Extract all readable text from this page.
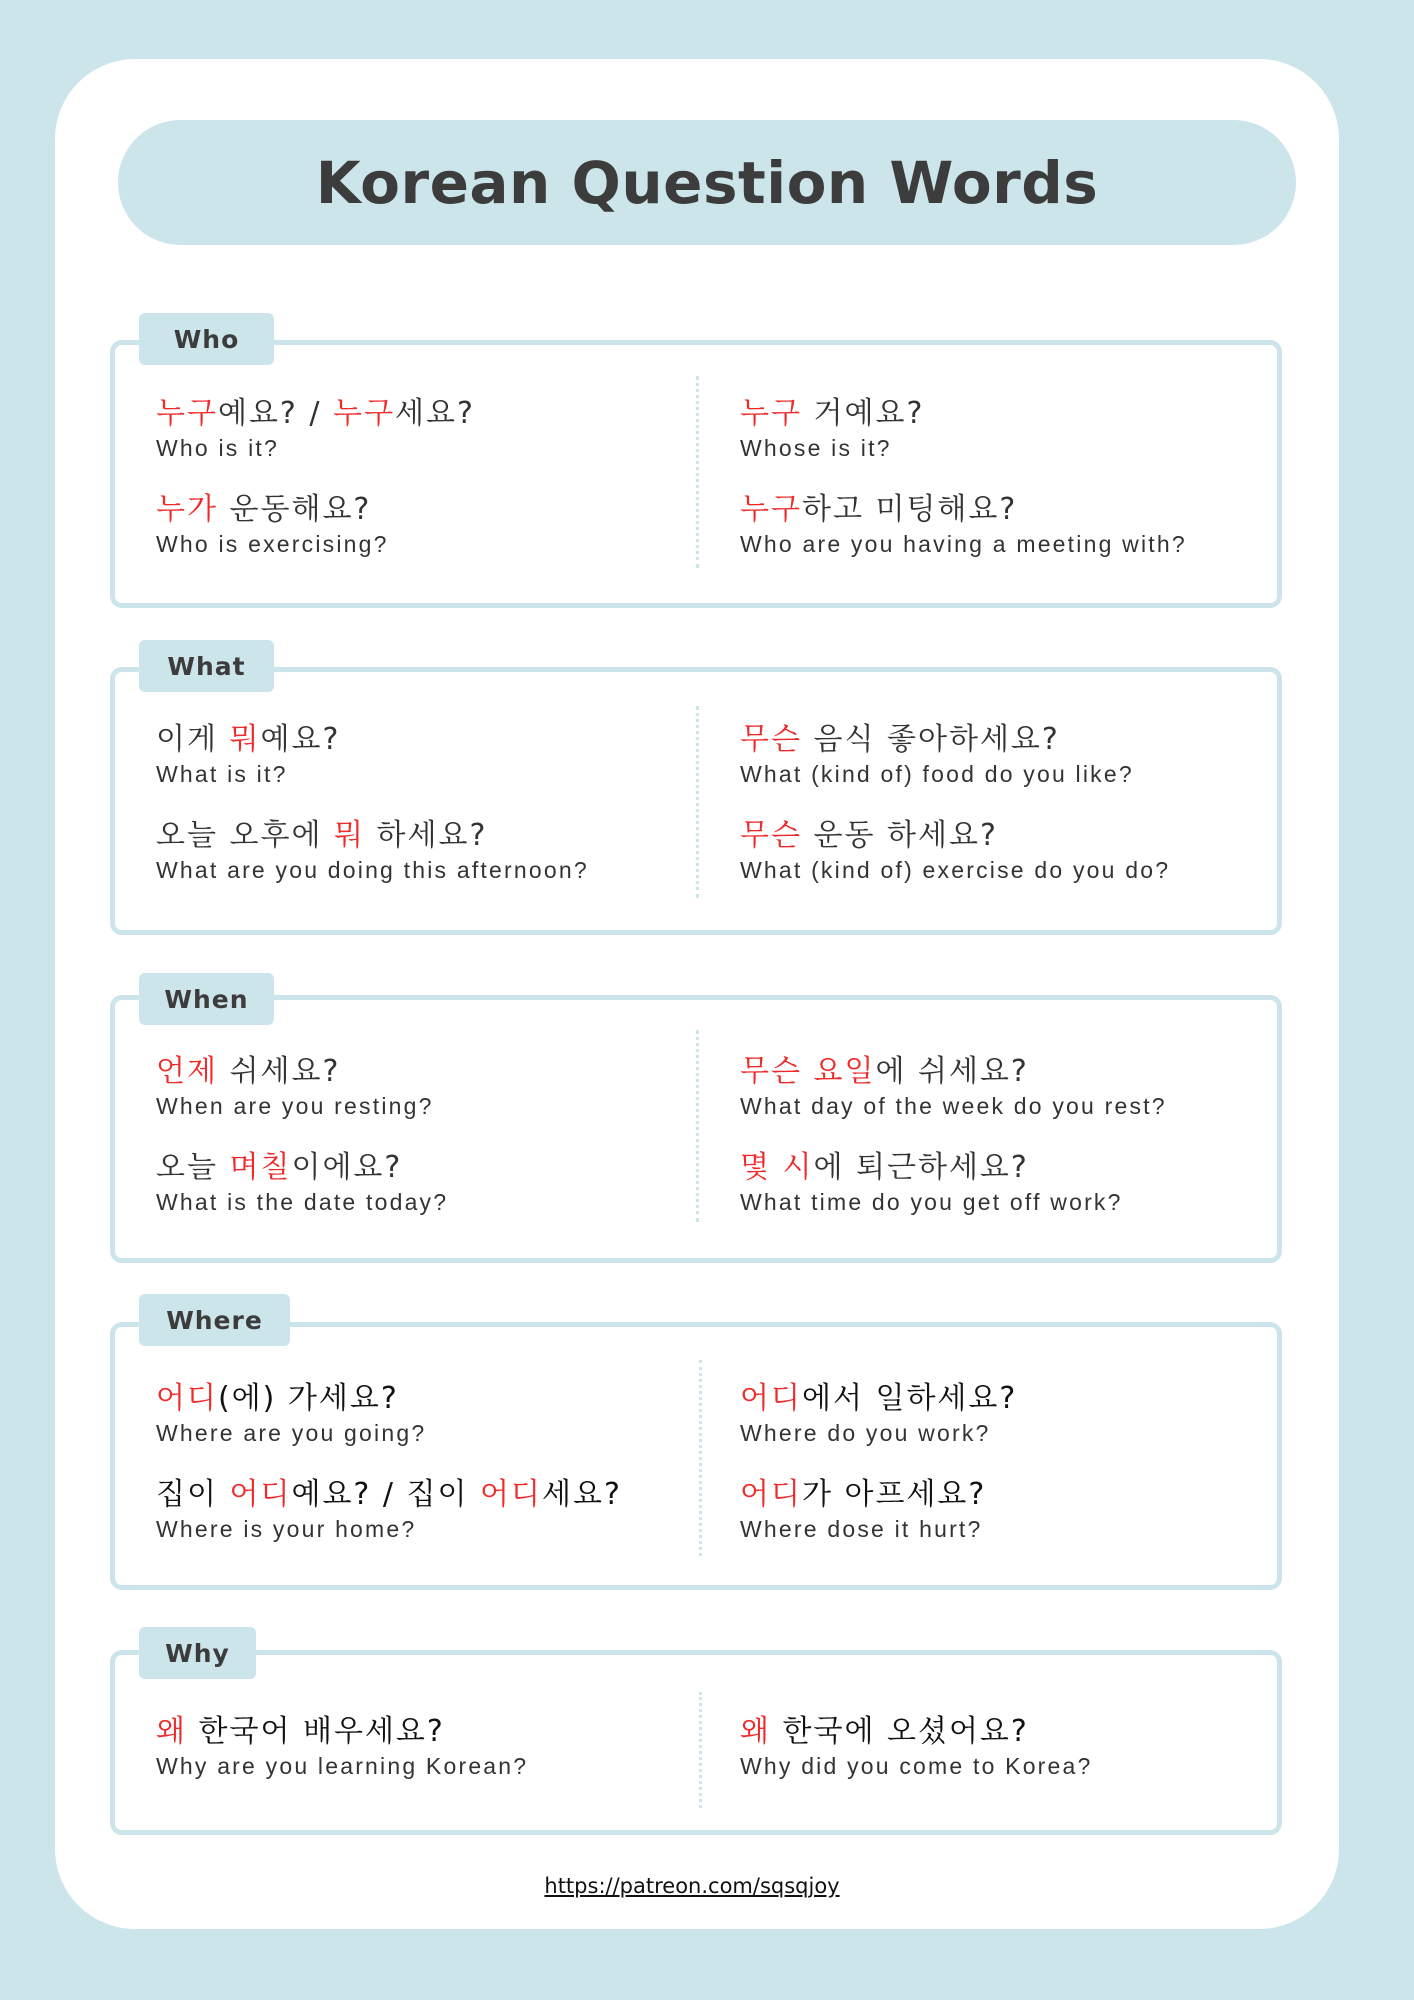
Korean Question Words
Who
누구예요? / 누구세요?
Who is it?
누구 거예요?
Whose is it?
누가 운동해요?
Who is exercising?
누구하고 미팅해요?
Who are you having a meeting with?
What
이게 뭐예요?
What is it?
무슨 음식 좋아하세요?
What (kind of) food do you like?
오늘 오후에 뭐 하세요?
What are you doing this afternoon?
무슨 운동 하세요?
What (kind of) exercise do you do?
When
언제 쉬세요?
When are you resting?
무슨 요일에 쉬세요?
What day of the week do you rest?
오늘 며칠이에요?
What is the date today?
몇 시에 퇴근하세요?
What time do you get off work?
Where
어디(에) 가세요?
Where are you going?
어디에서 일하세요?
Where do you work?
집이 어디예요? / 집이 어디세요?
Where is your home?
어디가 아프세요?
Where dose it hurt?
Why
왜 한국어 배우세요?
Why are you learning Korean?
왜 한국에 오셨어요?
Why did you come to Korea?
https://patreon.com/sqsqjoy
